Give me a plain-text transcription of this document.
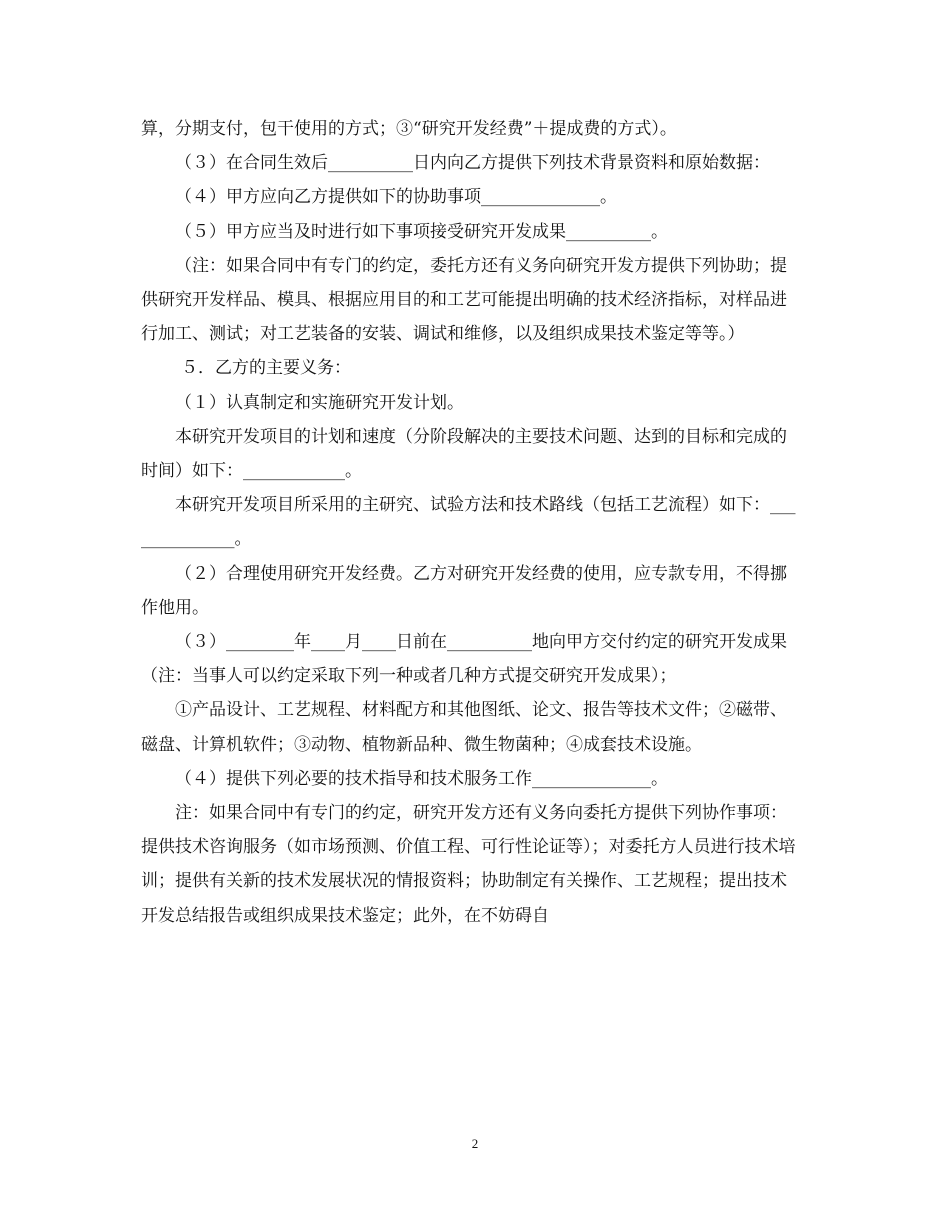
算，分期支付，包干使用的方式；③“研究开发经费”＋提成费的方式）。

（３）在合同生效后__________日内向乙方提供下列技术背景资料和原始数据：

（４）甲方应向乙方提供如下的协助事项______________。

（５）甲方应当及时进行如下事项接受研究开发成果__________。

（注：如果合同中有专门的约定，委托方还有义务向研究开发方提供下列协助；提供研究开发样品、模具、根据应用目的和工艺可能提出明确的技术经济指标，对样品进行加工、测试；对工艺装备的安装、调试和维修，以及组织成果技术鉴定等等。）

５．乙方的主要义务：

（１）认真制定和实施研究开发计划。

本研究开发项目的计划和速度（分阶段解决的主要技术问题、达到的目标和完成的时间）如下：____________。

本研究开发项目所采用的主研究、试验方法和技术路线（包括工艺流程）如下：______________。

（２）合理使用研究开发经费。乙方对研究开发经费的使用，应专款专用，不得挪作他用。

（３）________年____月____日前在__________地向甲方交付约定的研究开发成果（注：当事人可以约定采取下列一种或者几种方式提交研究开发成果）；

①产品设计、工艺规程、材料配方和其他图纸、论文、报告等技术文件；②磁带、磁盘、计算机软件；③动物、植物新品种、微生物菌种；④成套技术设施。

（４）提供下列必要的技术指导和技术服务工作______________。

注：如果合同中有专门的约定，研究开发方还有义务向委托方提供下列协作事项：提供技术咨询服务（如市场预测、价值工程、可行性论证等）；对委托方人员进行技术培训；提供有关新的技术发展状况的情报资料；协助制定有关操作、工艺规程；提出技术开发总结报告或组织成果技术鉴定；此外，在不妨碍自

2
